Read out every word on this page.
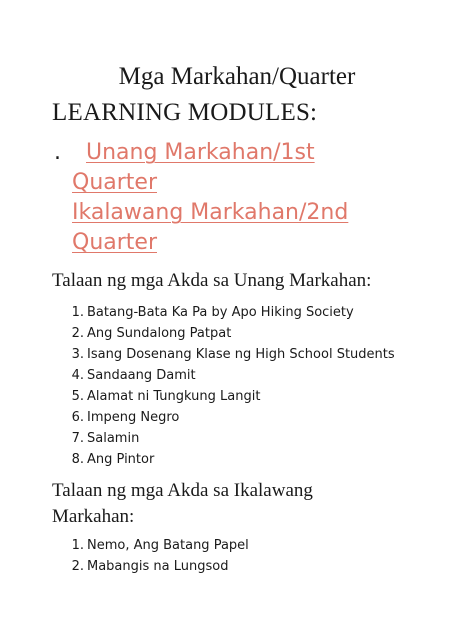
Mga Markahan/Quarter
LEARNING MODULES:
. Unang Markahan/1st
Quarter
Ikalawang Markahan/2nd
Quarter
Talaan ng mga Akda sa Unang Markahan:
1. Batang-Bata Ka Pa by Apo Hiking Society
2. Ang Sundalong Patpat
3. Isang Dosenang Klase ng High School Students
4. Sandaang Damit
5. Alamat ni Tungkung Langit
6. Impeng Negro
7. Salamin
8. Ang Pintor
Talaan ng mga Akda sa Ikalawang
Markahan:
1. Nemo, Ang Batang Papel
2. Mabangis na Lungsod
